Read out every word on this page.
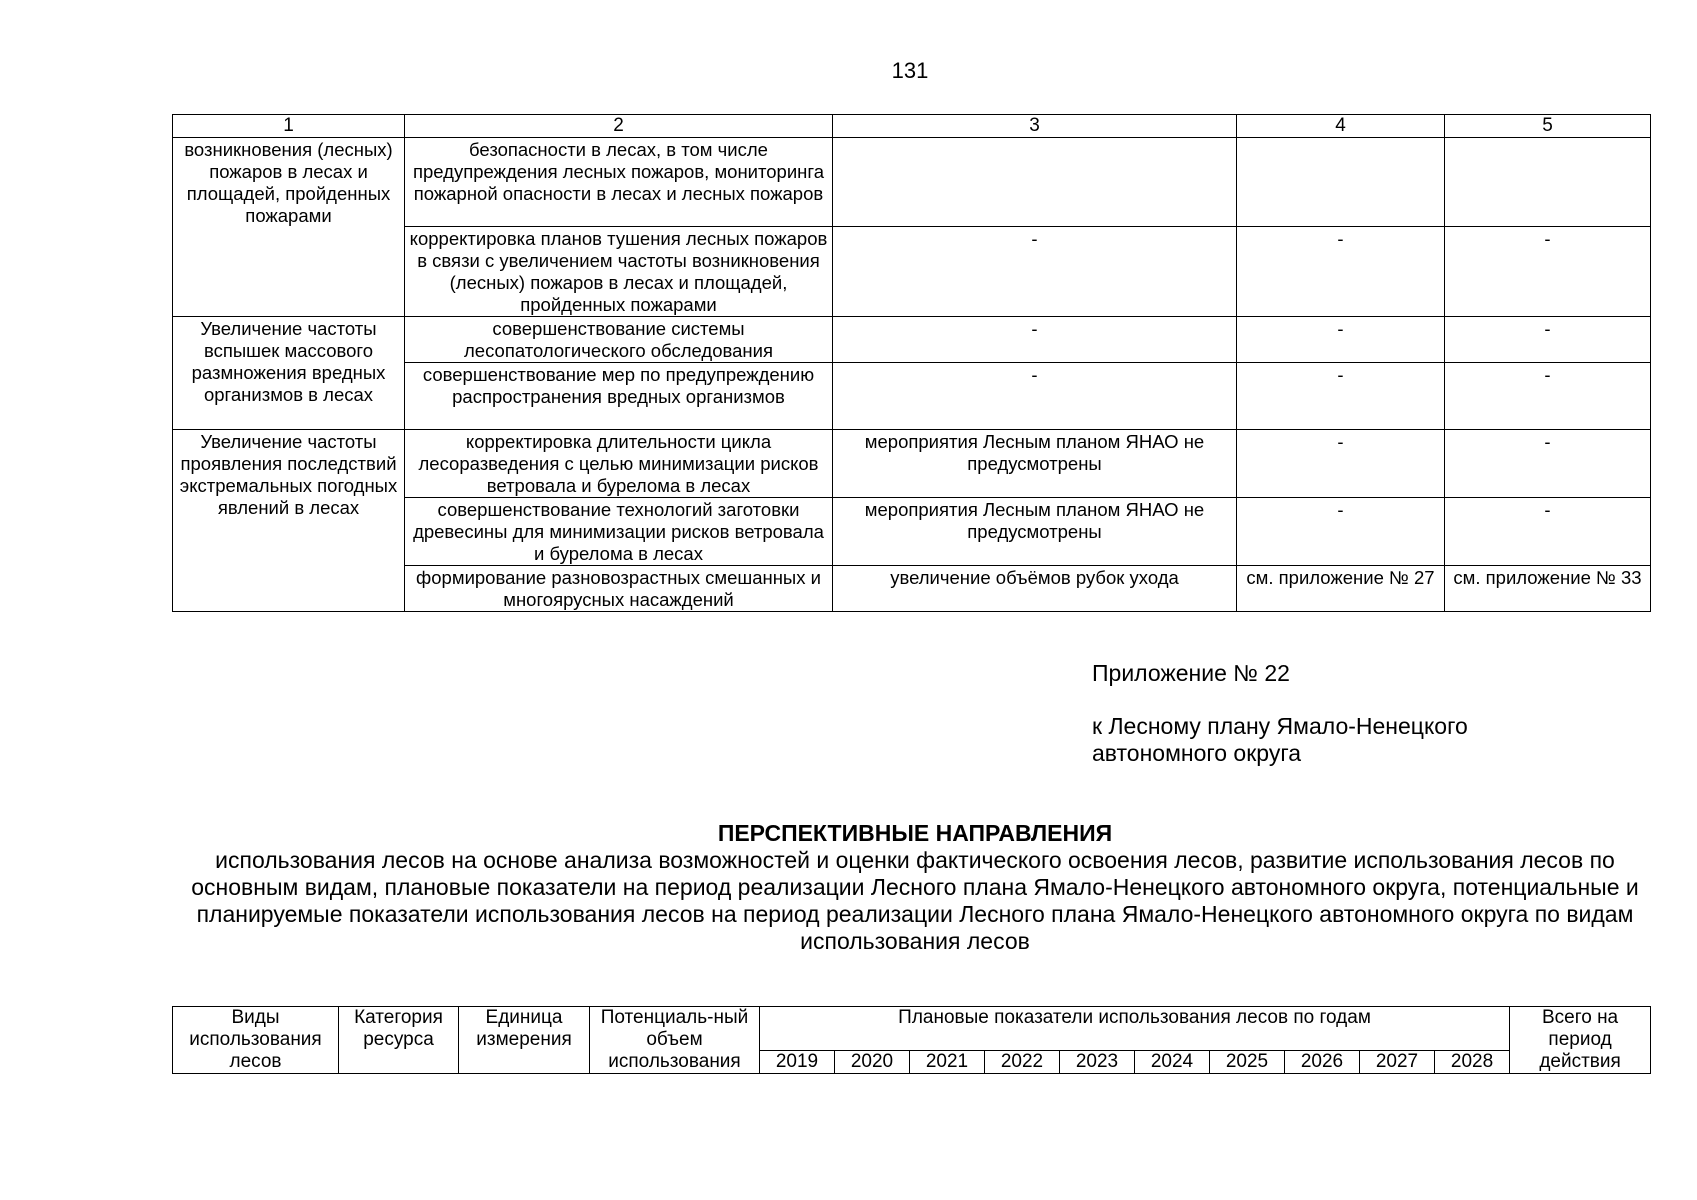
131
1	2	3	4	5
возникновения (лесных) пожаров в лесах и площадей, пройденных пожарами	безопасности в лесах, в том числе предупреждения лесных пожаров, мониторинга пожарной опасности в лесах и лесных пожаров			
	корректировка планов тушения лесных пожаров в связи с увеличением частоты возникновения (лесных) пожаров в лесах и площадей, пройденных пожарами	-	-	-
Увеличение частоты вспышек массового размножения вредных организмов в лесах	совершенствование системы лесопатологического обследования	-	-	-
	совершенствование мер по предупреждению распространения вредных организмов	-	-	-
Увеличение частоты проявления последствий экстремальных погодных явлений в лесах	корректировка длительности цикла лесоразведения с целью минимизации рисков ветровала и бурелома в лесах	мероприятия Лесным планом ЯНАО не предусмотрены	-	-
	совершенствование технологий заготовки древесины для минимизации рисков ветровала и бурелома в лесах	мероприятия Лесным планом ЯНАО не предусмотрены	-	-
	формирование разновозрастных смешанных и многоярусных насаждений	увеличение объёмов рубок ухода	см. приложение № 27	см. приложение № 33
Приложение № 22
к Лесному плану Ямало-Ненецкого
автономного округа
ПЕРСПЕКТИВНЫЕ НАПРАВЛЕНИЯ
использования лесов на основе анализа возможностей и оценки фактического освоения лесов, развитие использования лесов по основным видам, плановые показатели на период реализации Лесного плана Ямало-Ненецкого автономного округа, потенциальные и планируемые показатели использования лесов на период реализации Лесного плана Ямало-Ненецкого автономного округа по видам использования лесов
Виды использования лесов	Категория ресурса	Единица измерения	Потенциаль-ный объем использования	Плановые показатели использования лесов по годам										Всего на период действия
				2019	2020	2021	2022	2023	2024	2025	2026	2027	2028	
